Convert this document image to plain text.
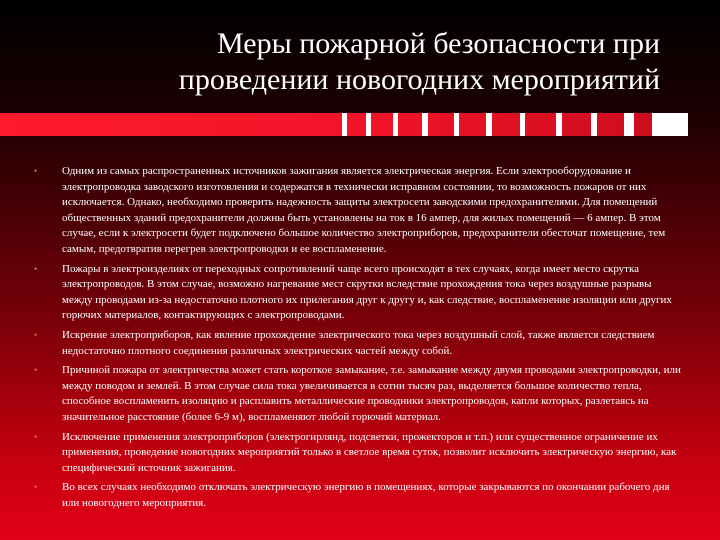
Меры пожарной безопасности при
проведении новогодних мероприятий
• Одним из самых распространенных источников зажигания является электрическая энергия. Если электрооборудование и электропроводка заводского изготовления и содержатся в технически исправном состоянии, то возможность пожаров от них исключается. Однако, необходимо проверить надежность защиты электросети заводскими предохранителями. Для помещений общественных зданий предохранители должны быть установлены на ток в 16 ампер, для жилых помещений — 6 ампер. В этом случае, если к электросети будет подключено большое количество электроприборов, предохранители обесточат помещение, тем самым, предотвратив перегрев электропроводки и ее воспламенение.
• Пожары в электроизделиях от переходных сопротивлений чаще всего происходят в тех случаях, когда имеет место скрутка электропроводов. В этом случае, возможно нагревание мест скрутки вследствие прохождения тока через воздушные разрывы между проводами из-за недостаточно плотного их прилегания друг к другу и, как следствие, воспламенение изоляции или других горючих материалов, контактирующих с электропроводами.
• Искрение электроприборов, как явление прохождение электрического тока через воздушный слой, также является следствием недостаточно плотного соединения различных электрических частей между собой.
• Причиной пожара от электричества может стать короткое замыкание, т.е. замыкание между двумя проводами электропроводки, или между поводом и землей. В этом случае сила тока увеличивается в сотни тысяч раз, выделяется большое количество тепла, способное воспламенить изоляцию и расплавить металлические проводники электропроводов, капли которых, разлетаясь на значительное расстояние (более 6-9 м), воспламеняют любой горючий материал.
• Исключение применения электроприборов (электрогирлянд, подсветки, прожекторов и т.п.) или существенное ограничение их применения, проведение новогодних мероприятий только в светлое время суток, позволит исключить электрическую энергию, как специфический источник зажигания.
• Во всех случаях необходимо отключать электрическую энергию в помещениях, которые закрываются по окончании рабочего дня или новогоднего мероприятия.
